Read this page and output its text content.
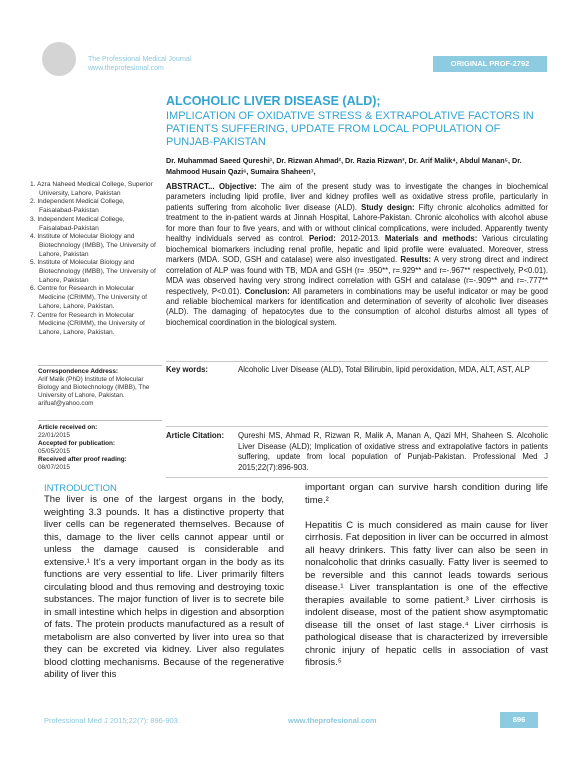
The Professional Medical Journal
www.theprofesional.com
ORIGINAL PROF-2792
ALCOHOLIC LIVER DISEASE (ALD);
IMPLICATION OF OXIDATIVE STRESS & EXTRAPOLATIVE FACTORS IN PATIENTS SUFFERING, UPDATE FROM LOCAL POPULATION OF PUNJAB-PAKISTAN
Dr. Muhammad Saeed Qureshi¹, Dr. Rizwan Ahmad², Dr. Razia Rizwan³, Dr. Arif Malik⁴, Abdul Manan⁵, Dr. Mahmood Husain Qazi⁶, Sumaira Shaheen⁷,
1. Azra Naheed Medical College, Superior University, Lahore, Pakistan
2. Independent Medical College, Faisalabad-Pakistan
3. Independent Medical College, Faisalabad-Pakistan
4. Institute of Molecular Biology and Biotechnology (IMBB), The University of Lahore, Pakistan
5. Institute of Molecular Biology and Biotechnology (IMBB), The University of Lahore, Pakistan
6. Centre for Research in Molecular Medicine (CRIMM), The University of Lahore, Lahore, Pakistan.
7. Centre for Research in Molecular Medicine (CRIMM), the University of Lahore, Lahore, Pakistan.
Correspondence Address:
Arif Malik (PhD) Institute of Molecular Biology and Biotechnology (IMBB), The University of Lahore, Pakistan. arifuaf@yahoo.com
Article received on:
22/01/2015
Accepted for publication:
05/05/2015
Received after proof reading:
08/07/2015
ABSTRACT... Objective: The aim of the present study was to investigate the changes in biochemical parameters including lipid profile, liver and kidney profiles well as oxidative stress profile, particularly in patients suffering from alcoholic liver disease (ALD). Study design: Fifty chronic alcoholics admitted for treatment to the in-patient wards at Jinnah Hospital, Lahore-Pakistan. Chronic alcoholics with alcohol abuse for more than four to five years, and with or without clinical complications, were included. Apparently twenty healthy individuals served as control. Period: 2012-2013. Materials and methods: Various circulating biochemical biomarkers including renal profile, hepatic and lipid profile were evaluated. Moreover, stress markers (MDA. SOD, GSH and catalase) were also investigated. Results: A very strong direct and indirect correlation of ALP was found with TB, MDA and GSH (r= .950**, r=.929** and r=-.967** respectively, P<0.01). MDA was observed having very strong indirect correlation with GSH and catalase (r=-.909** and r=-.777** respectively, P<0.01). Conclusion: All parameters in combinations may be useful indicator or may be good and reliable biochemical markers for identification and determination of severity of alcoholic liver diseases (ALD). The damaging of hepatocytes due to the consumption of alcohol disturbs almost all types of biochemical coordination in the biological system.
Key words:	Alcoholic Liver Disease (ALD), Total Bilirubin, lipid peroxidation, MDA, ALT, AST, ALP
Article Citation: Qureshi MS, Ahmad R, Rizwan R, Malik A, Manan A, Qazi MH, Shaheen S. Alcoholic Liver Disease (ALD); Implication of oxidative stress and extrapolative factors in patients suffering, update from local population of Punjab-Pakistan. Professional Med J 2015;22(7):896-903.
INTRODUCTION
The liver is one of the largest organs in the body, weighting 3.3 pounds. It has a distinctive property that liver cells can be regenerated themselves. Because of this, damage to the liver cells cannot appear until or unless the damage caused is considerable and extensive.¹ It’s a very important organ in the body as its functions are very essential to life. Liver primarily filters circulating blood and thus removing and destroying toxic substances. The major function of liver is to secrete bile in small intestine which helps in digestion and absorption of fats. The protein products manufactured as a result of metabolism are also converted by liver into urea so that they can be excreted via kidney. Liver also regulates blood clotting mechanisms. Because of the regenerative ability of liver this

important organ can survive harsh condition during life time.²

Hepatitis C is much considered as main cause for liver cirrhosis. Fat deposition in liver can be occurred in almost all heavy drinkers. This fatty liver can also be seen in nonalcoholic that drinks casually. Fatty liver is seemed to be reversible and this cannot leads towards serious disease.¹ Liver transplantation is one of the effective therapies available to some patient.³ Liver cirrhosis is indolent disease, most of the patient show asymptomatic disease till the onset of last stage.⁴ Liver cirrhosis is pathological disease that is characterized by irreversible chronic injury of hepatic cells in association of vast fibrosis.⁵

Professional Med J 2015;22(7): 896-903.	www.theprofesional.com	896
